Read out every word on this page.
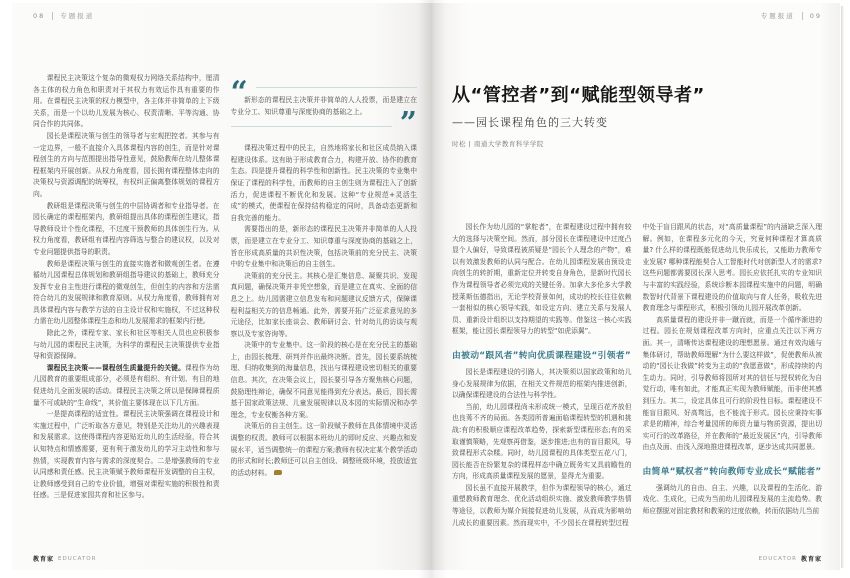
08 专题报道

课程民主决策这个复杂的微观权力网络关系结构中，厘清各主体的权力角色和职责对于其权力有效运作具有重要的作用。在课程民主决策的权力模型中，各主体并非简单的上下级关系，而是一个以幼儿发展为核心、权责清晰、平等沟通、协同合作的共同体。

园长是课程决策与创生的领导者与宏观把控者。其参与有一定边界，一般不直接介入具体课程内容的创生，而是针对课程创生的方向与范围提出指导性意见，鼓励教师在幼儿整体课程框架内开展创新。从权力角度看，园长拥有课程整体走向的决策权与资源调配的统筹权，有权纠正偏离整体规划的课程方向。

教研组是课程决策与创生的中层协调者和专业指导者。在园长确定的课程框架内，教研组提出具体的课程创生建议，指导教师设计个性化课程，不过度干预教师的具体创生行为。从权力角度看，教研组有课程内容筛选与整合的建议权，以及对专业问题提供指导的职责。

教师是课程决策与创生的直接实施者和微观创生者。在遵循幼儿园课程总体规划和教研组指导建议的基础上，教师充分发挥专业自主性进行课程的微观创生，但创生的内容和方法需符合幼儿的发展规律和教育原则。从权力角度看，教师拥有对具体课程内容与教学方法的自主设计权和实施权，不过这种权力需在幼儿园整体课程生态和幼儿发展需求的框架内行使。

除此之外，课程专家、家长和社区等相关人员也应积极参与幼儿园的课程民主决策，为科学的课程民主决策提供专业指导和资源保障。

课程民主决策——课程创生质量提升的关键。课程作为幼儿园教育的重要组成部分，必须是有组织、有计划、有目的地促进幼儿全面发展的活动。课程民主决策之所以是保障课程质量不可或缺的“生命线”，其价值主要体现在以下几方面。

一是提高课程的适宜性。课程民主决策强调在课程设计和实施过程中，广泛听取各方意见，特别是关注幼儿的兴趣表现和发展需求。这使得课程内容更贴近幼儿的生活经验，符合其认知特点和情感需要，更有利于激发幼儿的学习主动性和参与热情，实现教育内容与需求的深度契合。二是增强教师的专业认同感和责任感。民主决策赋予教师课程开发调整的自主权，让教师感受到自己的专业价值，增强对课程实施的积极性和责任感。三是促进家园共育和社区参与。

“

新形态的课程民主决策并非简单的人人投票，而是建立在专业分工、知识尊重与深度协商的基础之上。	”

课程决策过程中的民主，自然地将家长和社区成员纳入课程建设体系。这有助于形成教育合力，构建开放、协作的教育生态。四是提升课程的科学性和创新性。民主决策的专业集中保证了课程的科学性，而教师的自主创生则为课程注入了创新活力，促进课程不断优化和发展。这种“专业规范+灵活生成”的模式，使课程在保持结构稳定的同时，具备动态更新和自我完善的能力。

需要指出的是，新形态的课程民主决策并非简单的人人投票，而是建立在专业分工、知识尊重与深度协商的基础之上，旨在形成高质量的共识性决策，包括决策前的充分民主、决策中的专业集中和决策后的自主创生。

决策前的充分民主。其核心是汇集信息、凝聚共识、发现真问题，确保决策并非凭空想象，而是建立在真实、全面的信息之上。幼儿园需建立信息发布和问题建议反馈方式，保障课程利益相关方的信息畅通。此外，需要开拓广泛征求意见的多元途径，比如家长座谈会、教师研讨会、针对幼儿的访谈与观察以及专家咨询等。

决策中的专业集中。这一阶段的核心是在充分民主的基础上，由园长梳理、研判并作出最终决断。首先，园长要系统梳理、归纳收集到的海量信息，找出与课程建设密切相关的重要信息。其次，在决策会议上，园长要引导各方聚焦核心问题，鼓励理性辩论，确保不同意见能得到充分表达。最后，园长需基于国家政策法规、儿童发展规律以及本园的实际情况和办学理念，专业权衡各种方案。

决策后的自主创生。这一阶段赋予教师在具体情境中灵活调整的权责。教师可以根据本班幼儿的即时反应、兴趣点和发展水平，适当调整统一的课程方案;教师有权决定某个教学活动的形式和时长;教师还可以自主创设、调整班级环境，投放适宜的活动材料。

教育家 EDUCATOR
专题报道 09
从“管控者”到“赋能型领导者”
——园长课程角色的三大转变
时松 | 南通大学教育科学学院

园长作为幼儿园的“掌舵者”，在课程建设过程中拥有较大的选择与决策空间。然而，部分园长在课程建设中过度凸显个人偏好，导致课程被质疑是“园长个人理念的产物”，难以有效激发教师的认同与配合。在幼儿园课程发展由预设走向创生的转折期，重新定位并转变自身角色，是新时代园长作为课程领导者必须完成的关键任务。加拿大多伦多大学教授莱斯伍德指出，无论学校背景如何，成功的校长往往依赖一套相似的核心领导实践，如设定方向、建立关系与发展人员、重新设计组织以支持期望的实践等。借鉴这一核心实践框架，能让园长课程领导力的转型“如虎添翼”。

由被动“跟风者”转向优质课程建设“引领者”

园长是课程建设的引路人，其决策须以国家政策和幼儿身心发展规律为依据，在相关文件规范的框架内推进创新，以确保课程建设的合法性与科学性。

当前，幼儿园课程尚未形成统一模式，呈现百花齐放但也良莠不齐的局面。各类园所普遍面临课程转型的机遇和挑战:有的积极顺应课程改革趋势，探索新型课程形态;有的采取谨慎策略，先观察再借鉴，逐步推进;也有的盲目跟风，导致课程形式杂糅。同时，幼儿园课程的具体类型五花八门，园长能否在纷繁复杂的课程样态中确立既务实又具前瞻性的方向，形成高质量课程发展的愿景，显得尤为重要。

园长虽不直接开展教学，但作为课程领导的核心，通过重塑教师教育理念、优化活动组织实施、激发教师教学热情等途径，以教师为媒介间接促进幼儿发展，从而成为影响幼儿成长的重要因素。然而现实中，不少园长在课程转型过程

中处于盲目跟风的状态，对“高质量课程”的内涵缺乏深入理解。例如，在课程多元化的今天，究竟何种课程才算高质量? 什么样的课程既能促进幼儿快乐成长，又能助力教师专业发展? 哪种课程能契合人工智能时代对创新型人才的需求? 这些问题都需要园长深入思考。园长应依托扎实的专业知识与丰富的实践经验，系统诊断本园课程实施中的问题，明确数智时代背景下课程建设的价值取向与育人任务，吸收先进教育理念与课程形式，积极引领幼儿园开展改革创新。

高质量课程的建设并非一蹴而就，而是一个循序渐进的过程。园长在规划课程改革方向时，应重点关注以下两方面。其一，清晰传达课程建设的理想愿景。通过有效沟通与集体研讨，帮助教师理解“为什么要这样做”，促使教师从被动的“园长让我做”转变为主动的“我愿意做”，形成持续的内生动力。同时，引导教师将园所对其的信任与授权转化为自觉行动，唯有如此，才能真正实现为教师赋能，而非使其感到压力。其二，设定具体且可行的阶段性目标。课程建设不能盲目跟风、好高骛远，也不能流于形式。园长应秉持实事求是的精神，综合考量园所的师资力量与物质资源，提出切实可行的改革路径，并在教师的“最近发展区”内，引导教师由点及面、由浅入深地推进课程改革，逐步达成共同愿景。

由简单“赋权者”转向教师专业成长“赋能者”

强调幼儿的自由、自主、兴趣，以及课程的生活化、游戏化、生成化，已成为当前幼儿园课程发展的主流趋势。教师应摆脱对固定教材和教案的过度依赖，转而依据幼儿当前

EDUCATOR 教育家
